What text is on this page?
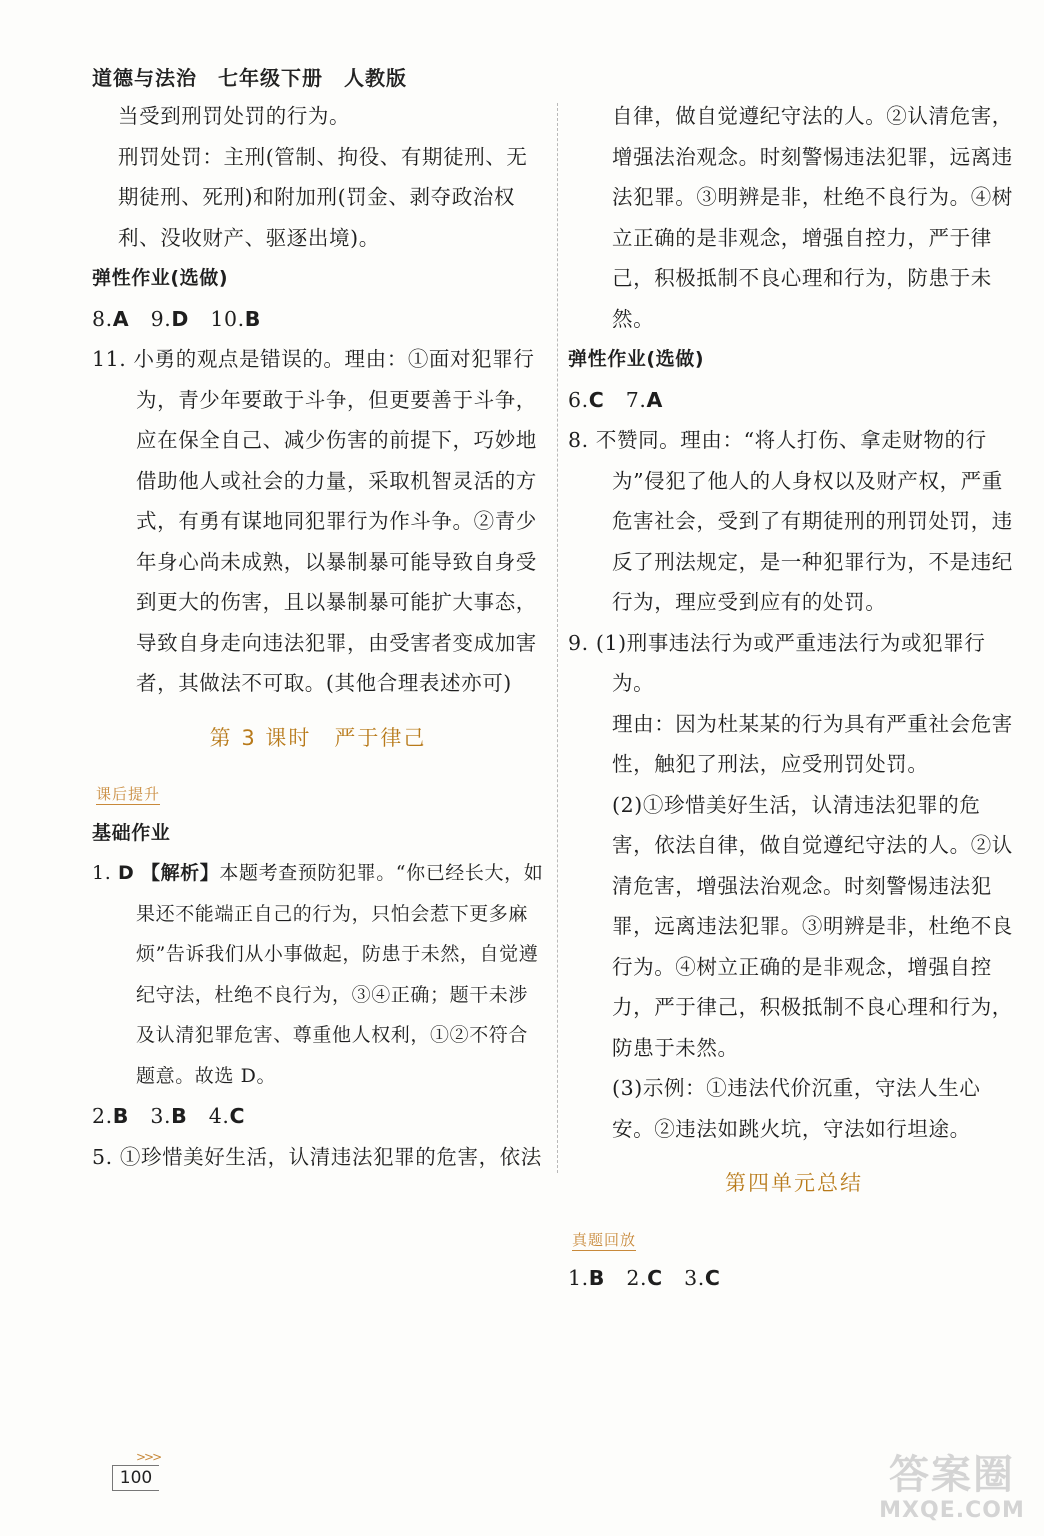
道德与法治　七年级下册　人教版

当受到刑罚处罚的行为。

刑罚处罚：主刑(管制、拘役、有期徒刑、无期徒刑、死刑)和附加刑(罚金、剥夺政治权利、没收财产、驱逐出境)。

弹性作业(选做)

8.A 9.D 10.B

11. 小勇的观点是错误的。理由：①面对犯罪行为，青少年要敢于斗争，但更要善于斗争，应在保全自己、减少伤害的前提下，巧妙地借助他人或社会的力量，采取机智灵活的方式，有勇有谋地同犯罪行为作斗争。②青少年身心尚未成熟，以暴制暴可能导致自身受到更大的伤害，且以暴制暴可能扩大事态，导致自身走向违法犯罪，由受害者变成加害者，其做法不可取。(其他合理表述亦可)

第 3 课时　严于律己
课后提升

基础作业

1. D 【解析】本题考查预防犯罪。“你已经长大，如果还不能端正自己的行为，只怕会惹下更多麻烦”告诉我们从小事做起，防患于未然，自觉遵纪守法，杜绝不良行为，③④正确；题干未涉及认清犯罪危害、尊重他人权利，①②不符合题意。故选 D。

2.B 3.B 4.C

5. ①珍惜美好生活，认清违法犯罪的危害，依法

自律，做自觉遵纪守法的人。②认清危害，增强法治观念。时刻警惕违法犯罪，远离违法犯罪。③明辨是非，杜绝不良行为。④树立正确的是非观念，增强自控力，严于律己，积极抵制不良心理和行为，防患于未然。

弹性作业(选做)

6.C 7.A

8. 不赞同。理由：“将人打伤、拿走财物的行为”侵犯了他人的人身权以及财产权，严重危害社会，受到了有期徒刑的刑罚处罚，违反了刑法规定，是一种犯罪行为，不是违纪行为，理应受到应有的处罚。

9. (1)刑事违法行为或严重违法行为或犯罪行为。

理由：因为杜某某的行为具有严重社会危害性，触犯了刑法，应受刑罚处罚。

(2)①珍惜美好生活，认清违法犯罪的危害，依法自律，做自觉遵纪守法的人。②认清危害，增强法治观念。时刻警惕违法犯罪，远离违法犯罪。③明辨是非，杜绝不良行为。④树立正确的是非观念，增强自控力，严于律己，积极抵制不良心理和行为，防患于未然。

(3)示例：①违法代价沉重，守法人生心安。②违法如跳火坑，守法如行坦途。

第四单元总结
真题回放

1.B 2.C 3.C

>>>
100	答案圈
MXQE.COM
